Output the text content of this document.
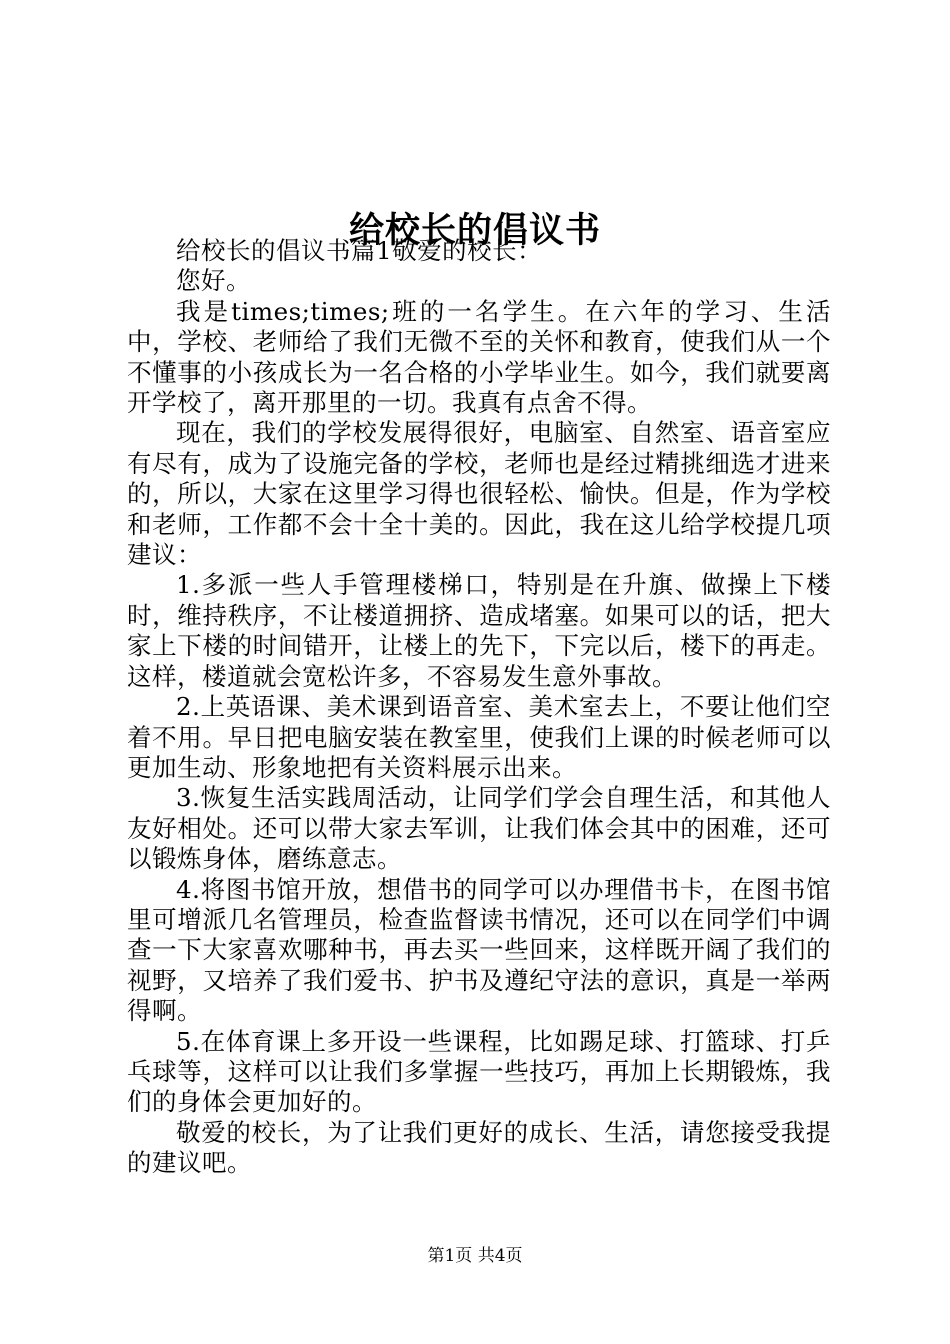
给校长的倡议书

给校长的倡议书篇1敬爱的校长：

您好。

我是times;times;班的一名学生。在六年的学习、生活中，学校、老师给了我们无微不至的关怀和教育，使我们从一个不懂事的小孩成长为一名合格的小学毕业生。如今，我们就要离开学校了，离开那里的一切。我真有点舍不得。

现在，我们的学校发展得很好，电脑室、自然室、语音室应有尽有，成为了设施完备的学校，老师也是经过精挑细选才进来的，所以，大家在这里学习得也很轻松、愉快。但是，作为学校和老师，工作都不会十全十美的。因此，我在这儿给学校提几项建议：

1.多派一些人手管理楼梯口，特别是在升旗、做操上下楼时，维持秩序，不让楼道拥挤、造成堵塞。如果可以的话，把大家上下楼的时间错开，让楼上的先下，下完以后，楼下的再走。这样，楼道就会宽松许多，不容易发生意外事故。

2.上英语课、美术课到语音室、美术室去上，不要让他们空着不用。早日把电脑安装在教室里，使我们上课的时候老师可以更加生动、形象地把有关资料展示出来。

3.恢复生活实践周活动，让同学们学会自理生活，和其他人友好相处。还可以带大家去军训，让我们体会其中的困难，还可以锻炼身体，磨练意志。

4.将图书馆开放，想借书的同学可以办理借书卡，在图书馆里可增派几名管理员，检查监督读书情况，还可以在同学们中调查一下大家喜欢哪种书，再去买一些回来，这样既开阔了我们的视野，又培养了我们爱书、护书及遵纪守法的意识，真是一举两得啊。

5.在体育课上多开设一些课程，比如踢足球、打篮球、打乒乓球等，这样可以让我们多掌握一些技巧，再加上长期锻炼，我们的身体会更加好的。

敬爱的校长，为了让我们更好的成长、生活，请您接受我提的建议吧。

第1页 共4页
